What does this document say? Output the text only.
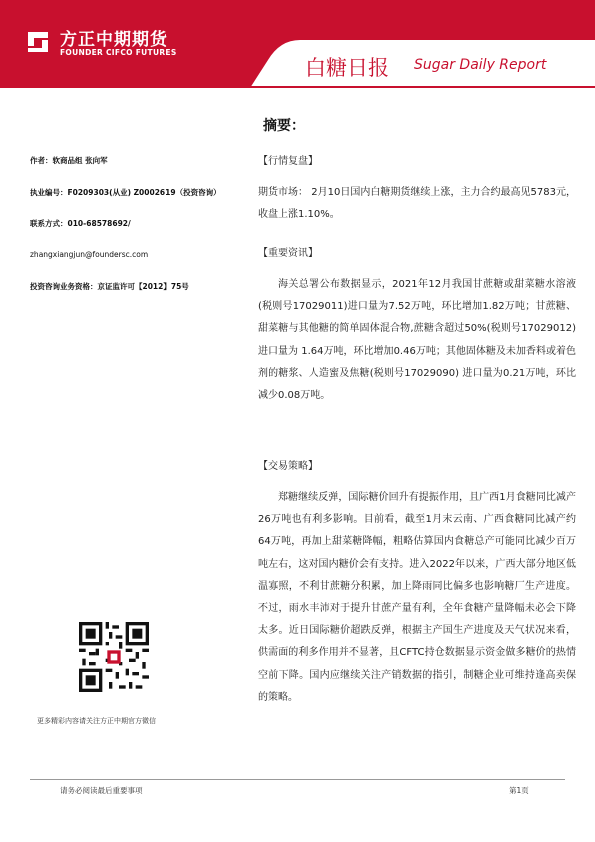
方正中期期货
FOUNDER CIFCO FUTURES
白糖日报 Sugar Daily Report
摘要：
作者：软商品组 张向军
执业编号：F0209303(从业) Z0002619（投资咨询）
联系方式：010-68578692/
zhangxiangjun@foundersc.com
投资咨询业务资格：京证监许可【2012】75号
更多精彩内容请关注方正中期官方微信
【行情复盘】
期货市场： 2月10日国内白糖期货继续上涨，主力合约最高见5783元，收盘上涨1.10%。
【重要资讯】
海关总署公布数据显示，2021年12月我国甘蔗糖或甜菜糖水溶液(税则号17029011)进口量为7.52万吨，环比增加1.82万吨；甘蔗糖、甜菜糖与其他糖的简单固体混合物,蔗糖含超过50%(税则号17029012)进口量为 1.64万吨，环比增加0.46万吨；其他固体糖及未加香料或着色剂的糖浆、人造蜜及焦糖(税则号17029090) 进口量为0.21万吨，环比减少0.08万吨。
【交易策略】
郑糖继续反弹，国际糖价回升有提振作用，且广西1月食糖同比减产26万吨也有利多影响。目前看，截至1月末云南、广西食糖同比减产约64万吨，再加上甜菜糖降幅，粗略估算国内食糖总产可能同比减少百万吨左右，这对国内糖价会有支持。进入2022年以来，广西大部分地区低温寡照，不利甘蔗糖分积累，加上降雨同比偏多也影响糖厂生产进度。不过，雨水丰沛对于提升甘蔗产量有利，全年食糖产量降幅未必会下降太多。近日国际糖价超跌反弹，根据主产国生产进度及天气状况来看，供需面的利多作用并不显著，且CFTC持仓数据显示资金做多糖价的热情空前下降。国内应继续关注产销数据的指引，制糖企业可维持逢高卖保的策略。
请务必阅读最后重要事项	第1页
